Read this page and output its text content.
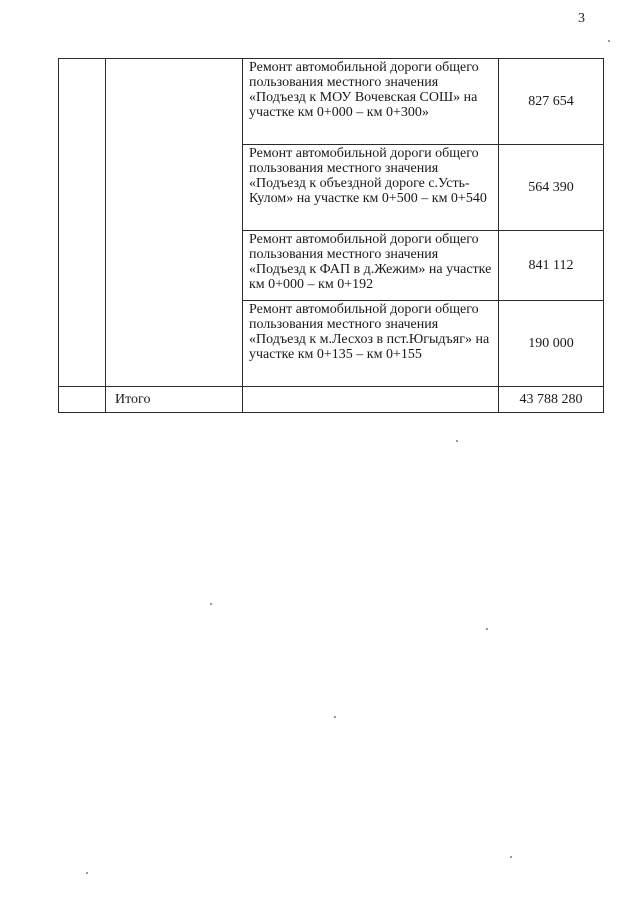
3
		Ремонт автомобильной дороги общего пользования местного значения «Подъезд к МОУ Вочевская СОШ» на участке км 0+000 – км 0+300»	827 654
		Ремонт автомобильной дороги общего пользования местного значения «Подъезд к объездной дороге с.Усть-Кулом» на участке км 0+500 – км 0+540	564 390
		Ремонт автомобильной дороги общего пользования местного значения «Подъезд к ФАП в д.Жежим» на участке км 0+000 – км 0+192	841 112
		Ремонт автомобильной дороги общего пользования местного значения «Подъезд к м.Лесхоз в пст.Югыдъяг» на участке км 0+135 – км 0+155	190 000
	Итого		43 788 280
